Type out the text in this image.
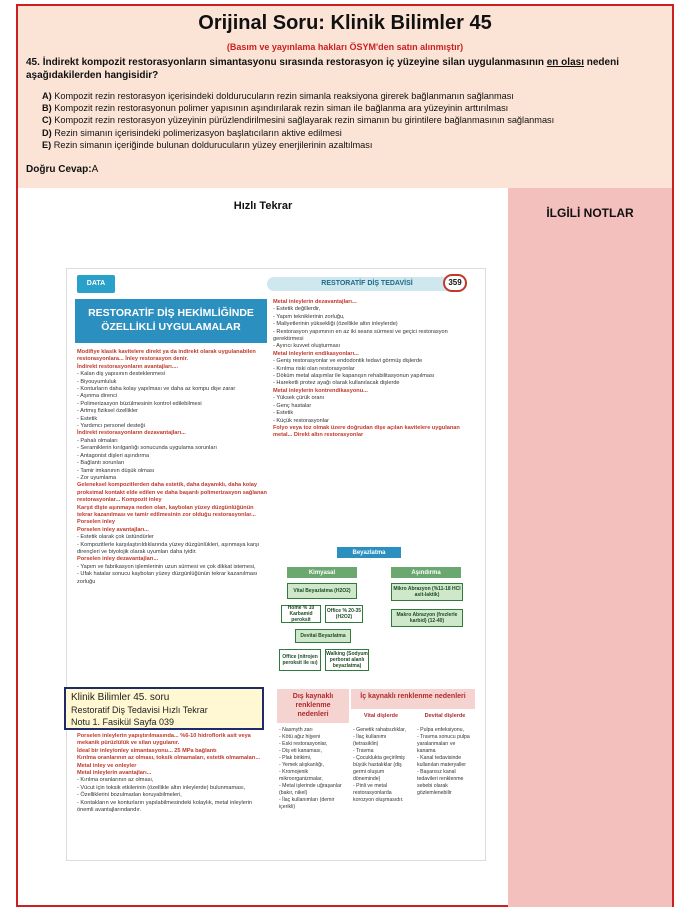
Orijinal Soru: Klinik Bilimler 45
(Basım ve yayınlama hakları ÖSYM'den satın alınmıştır)
45. İndirekt kompozit restorasyonların simantasyonu sırasında restorasyon iç yüzeyine silan uygulanmasının en olası nedeni aşağıdakilerden hangisidir?
A) Kompozit rezin restorasyon içerisindeki doldurucuların rezin simanla reaksiyona girerek bağlanmanın sağlanması
B) Kompozit rezin restorasyonun polimer yapısının aşındırılarak rezin siman ile bağlanma ara yüzeyinin arttırılması
C) Kompozit rezin restorasyon yüzeyinin pürüzlendirilmesini sağlayarak rezin simanın bu girintilere bağlanmasının sağlanması
D) Rezin simanın içerisindeki polimerizasyon başlatıcıların aktive edilmesi
E) Rezin simanın içeriğinde bulunan doldurucuların yüzey enerjilerinin azaltılması
Doğru Cevap:A
Hızlı Tekrar	İLGİLİ NOTLAR
DATA	RESTORATİF DİŞ TEDAVİSİ	359
RESTORATİF DİŞ HEKİMLİĞİNDE
ÖZELLİKLİ UYGULAMALAR
Modifiye klasik kavitelere direkt ya da indirekt olarak uygulanabilen restorasyonlara... İnley restorasyon denir.
İndirekt restorasyonların avantajları....
- Kalan diş yapısının desteklenmesi
- Biyouyumluluk
- Konturların daha kolay yapılması ve daha az kompu dişe zarar
- Aşınma direnci
- Polimerizasyon büzülmesinin kontrol edilebilmesi
- Artmış fiziksel özellikler
- Estetik
- Yardımcı personel desteği
İndirekt restorasyonların dezavantajları...
- Pahalı olmaları
- Seramiklerin kırılganlığı sonucunda uygulama sorunları
- Antagonist dişleri aşındırma
- Bağlantı sorunları
- Tamir imkanının düşük olması
- Zor uyumlama
Geleneksel kompozitlerden daha estetik, daha dayanıklı, daha kolay proksimal kontakt elde edilen ve daha başarılı polimerizasyon sağlanan restorasyonlar... Kompozit inley
Karşıt dişte aşınmaya neden olan, kaybolan yüzey düzgünlüğünün tekrar kazanılması ve tamir edilmesinin zor olduğu restorasyonlar... Porselen inley
Porselen inley avantajları...
- Estetik olarak çok üstündürler
- Kompozitlerle karşılaştırıldıklarında yüzey düzgünlükleri, aşınmaya karşı dirençleri ve biyolojik olarak uyumları daha iyidir.
Porselen inley dezavantajları...
- Yapım ve fabrikasyon işlemlerinin uzun sürmesi ve çok dikkat istemesi,
- Ufak hatalar sonucu kaybolan yüzey düzgünlüğünün tekrar kazanılması zorluğu
Metal inleylerin dezavantajları...
- Estetik değillerdir,
- Yapım tekniklerinin zorluğu,
- Maliyetlerinin yüksekliği (özellikle altın inleylerde)
- Restorasyon yapımının en az iki seans sürmesi ve geçici restorasyon gerektirmesi
- Ayırıcı kuvvet oluşturması
Metal inleylerin endikasyonları...
- Geniş restorasyonlar ve endodontik tedavi görmüş dişlerde
- Kırılma riski olan restorasyonlar
- Döküm metal alaşımlar ile kapanışın rehabilitasyonun yapılması
- Hareketli protez ayağı olarak kullanılacak dişlerde
Metal inleylerin kontrendikasyonu...
- Yüksek çürük oranı
- Genç hastalar
- Estetik
- Küçük restorasyonlar
Folyo veya toz olmak üzere doğrudan dişe açılan kavitelere uygulanan metal... Direkt altın restorasyonlar
Beyazlatma
Kimyasal	Aşındırma
Vital Beyazlatma (H2O2)
Home % 10 Karbamid peroksit
Office % 20-35 (H2O2)
Devital Beyazlatma
Office (nitrojen peroksit ile ısı)
Walking (Sodyum perborat alanlı beyazlatma)
Mikro Abrazyon (%11-18 HCl asit-laktik)
Makro Abrazyon (frezlerle karbid) (12-40)
Porselen inleylerin yapıştırılmasında... %6-10 hidroflorik asit veya mekanik pürüzlülük ve silan uygulanır.
İdeal bir inley/onley simantasyonu... 25 MPa bağlantı
Kırılma oranlarının az olması, toksik olmamaları, estetik olmamaları... Metal inley ve onleyler
Metal inleylerin avantajları...
- Kırılma oranlarının az olması,
- Vücut için toksik etkilerinin (özellikle altın inleylerde) bulunmaması,
- Özelliklerini bozulmadan koruyabilmeleri,
- Kontakların ve konturların yapılabilmesindeki kolaylık, metal inleylerin önemli avantajlarındandır.
Dış kaynaklı renklenme nedenleri
İç kaynaklı renklenme nedenleri
Vital dişlerde	Devital dişlerde
- Nasmyth zarı
- Kötü ağız hijyeni
- Eski restorasyonlar,
- Diş eti kanaması,
- Plak birikimi,
- Yemek alışkanlığı,
- Kromojenik mikroorganizmalar,
- Metal işlerinde uğraşanlar (bakır, nikel)
- İlaç kullanımları (demir içerikli)
- Genetik rahatsızlıklar,
- İlaç kullanımı (tetrasiklin)
- Travma
- Çocuklukta geçirilmiş büyük hastalıklar (diş germi oluşum döneminde)
- Pinli ve metal restorasyonlarda korozyon oluşmasıdır.
- Pulpa enfeksiyonu,
- Travma sonucu pulpa yaralanmaları ve kanama
- Kanal tedavisinde kullanılan materyaller
- Başarısız kanal tedavileri renklenme sebebi olarak gözlemlenebilir
Klinik Bilimler 45. soru
Restoratif Diş Tedavisi Hızlı Tekrar
Notu 1. Fasikül Sayfa 039
